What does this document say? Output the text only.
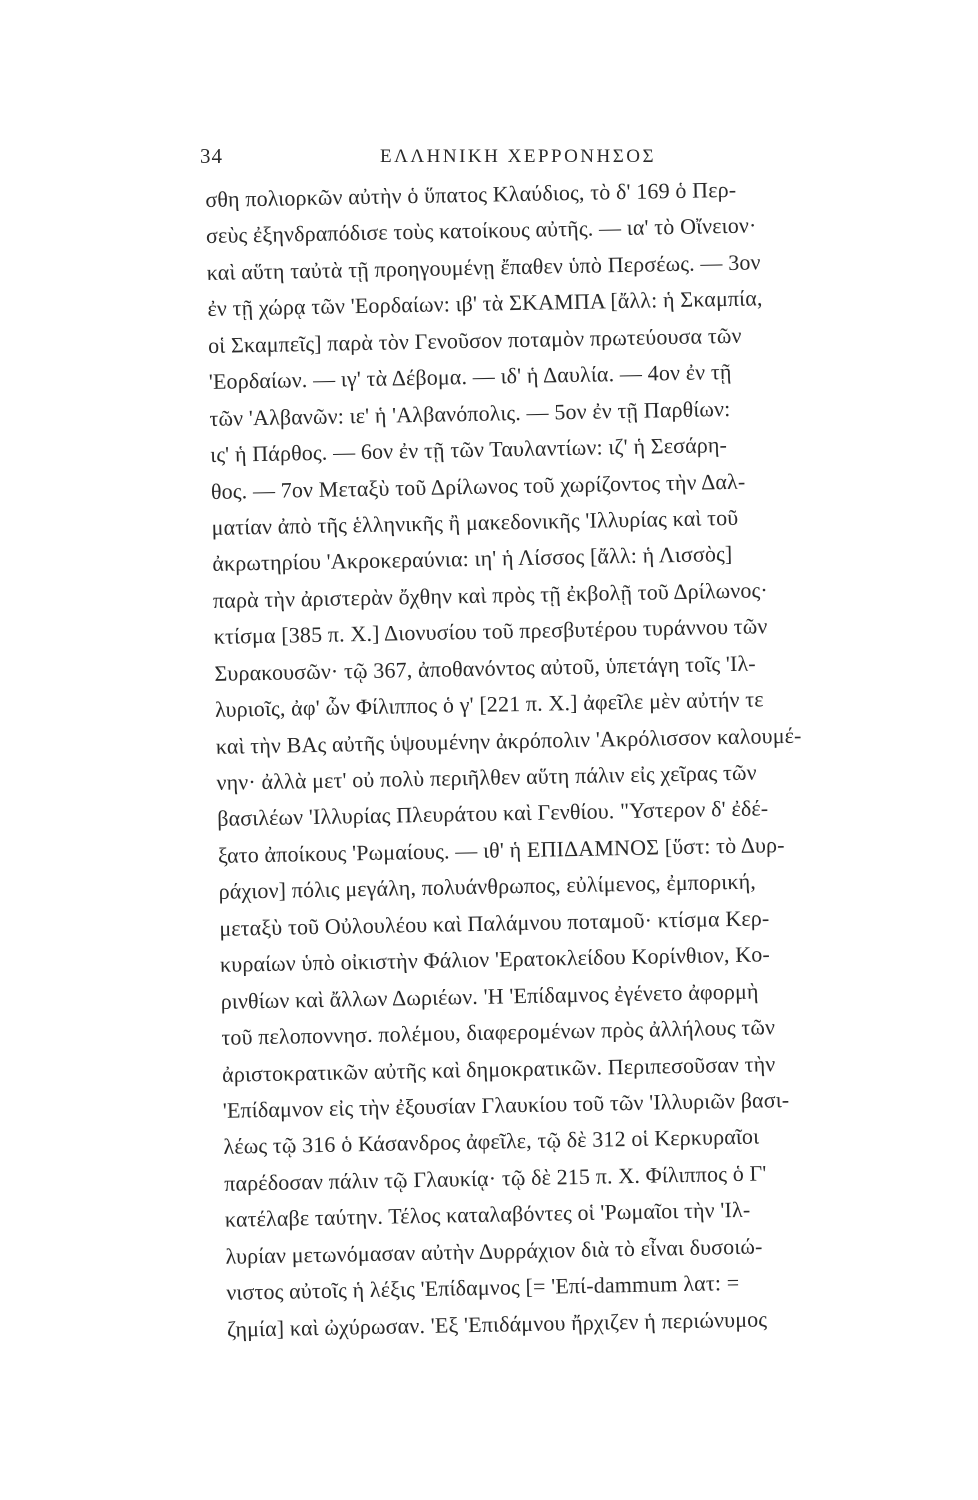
34	ΕΛΛΗΝΙΚΗ ΧΕΡΡΟΝΗΣΟΣ
σθη πολιορκῶν αὐτὴν ὁ ὕπατος Κλαύδιος, τὸ δ' 169 ὁ Περ-
σεὺς ἐξηνδραπόδισε τοὺς κατοίκους αὐτῆς. — ια' τὸ Οἴνειον·
καὶ αὕτη ταὐτὰ τῇ προηγουμένῃ ἔπαθεν ὑπὸ Περσέως. — 3ον
ἐν τῇ χώρᾳ τῶν 'Εορδαίων: ιβ' τὰ ΣΚΑΜΠΑ [ἄλλ: ἡ Σκαμπία,
οἱ Σκαμπεῖς] παρὰ τὸν Γενοῦσον ποταμὸν πρωτεύουσα τῶν
'Εορδαίων. — ιγ' τὰ Δέβομα. — ιδ' ἡ Δαυλία. — 4ον ἐν τῇ
τῶν 'Αλβανῶν: ιε' ἡ 'Αλβανόπολις. — 5ον ἐν τῇ Παρθίων:
ις' ἡ Πάρθος. — 6ον ἐν τῇ τῶν Ταυλαντίων: ιζ' ἡ Σεσάρη-
θος. — 7ον Μεταξὺ τοῦ Δρίλωνος τοῦ χωρίζοντος τὴν Δαλ-
ματίαν ἀπὸ τῆς ἑλληνικῆς ἢ μακεδονικῆς 'Ιλλυρίας καὶ τοῦ
ἀκρωτηρίου 'Ακροκεραύνια: ιη' ἡ Λίσσος [ἄλλ: ἡ Λισσὸς]
παρὰ τὴν ἀριστερὰν ὄχθην καὶ πρὸς τῇ ἐκβολῇ τοῦ Δρίλωνος·
κτίσμα [385 π. Χ.] Διονυσίου τοῦ πρεσβυτέρου τυράννου τῶν
Συρακουσῶν· τῷ 367, ἀποθανόντος αὐτοῦ, ὑπετάγη τοῖς 'Ιλ-
λυριοῖς, ἀφ' ὧν Φίλιππος ὁ γ' [221 π. Χ.] ἀφεῖλε μὲν αὐτήν τε
καὶ τὴν ΒΑς αὐτῆς ὑψουμένην ἀκρόπολιν 'Ακρόλισσον καλουμέ-
νην· ἀλλὰ μετ' οὐ πολὺ περιῆλθεν αὕτη πάλιν εἰς χεῖρας τῶν
βασιλέων 'Ιλλυρίας Πλευράτου καὶ Γενθίου. "Υστερον δ' ἐδέ-
ξατο ἀποίκους 'Ρωμαίους. — ιθ' ἡ ΕΠΙΔΑΜΝΟΣ [ὕστ: τὸ Δυρ-
ράχιον] πόλις μεγάλη, πολυάνθρωπος, εὐλίμενος, ἐμπορική,
μεταξὺ τοῦ Οὐλουλέου καὶ Παλάμνου ποταμοῦ· κτίσμα Κερ-
κυραίων ὑπὸ οἰκιστὴν Φάλιον 'Ερατοκλείδου Κορίνθιον, Κο-
ρινθίων καὶ ἄλλων Δωριέων. 'Η 'Επίδαμνος ἐγένετο ἀφορμὴ
τοῦ πελοποννησ. πολέμου, διαφερομένων πρὸς ἀλλήλους τῶν
ἀριστοκρατικῶν αὐτῆς καὶ δημοκρατικῶν. Περιπεσοῦσαν τὴν
'Επίδαμνον εἰς τὴν ἐξουσίαν Γλαυκίου τοῦ τῶν 'Ιλλυριῶν βασι-
λέως τῷ 316 ὁ Κάσανδρος ἀφεῖλε, τῷ δὲ 312 οἱ Κερκυραῖοι
παρέδοσαν πάλιν τῷ Γλαυκίᾳ· τῷ δὲ 215 π. Χ. Φίλιππος ὁ Γ'
κατέλαβε ταύτην. Τέλος καταλαβόντες οἱ 'Ρωμαῖοι τὴν 'Ιλ-
λυρίαν μετωνόμασαν αὐτὴν Δυρράχιον διὰ τὸ εἶναι δυσοιώ-
νιστος αὐτοῖς ἡ λέξις 'Επίδαμνος [= 'Επί-dammum λατ: =
ζημία] καὶ ὠχύρωσαν. 'Εξ 'Επιδάμνου ἤρχιζεν ἡ περιώνυμος
